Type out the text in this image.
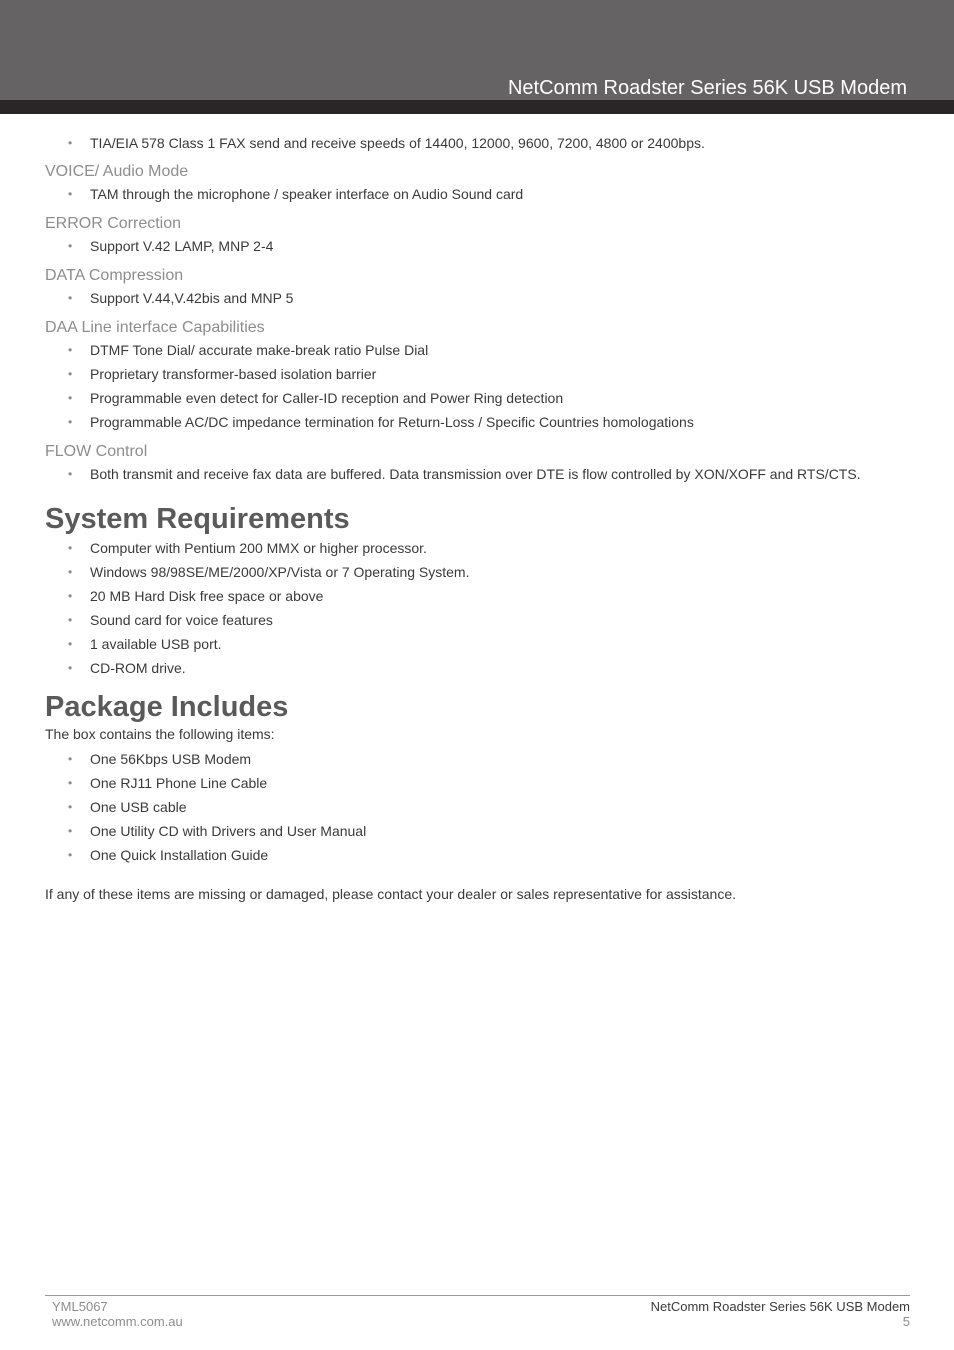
NetComm Roadster Series 56K USB Modem
• TIA/EIA 578 Class 1 FAX send and receive speeds of 14400, 12000, 9600, 7200, 4800 or 2400bps.
VOICE/ Audio Mode
• TAM through the microphone / speaker interface on Audio Sound card
ERROR Correction
• Support V.42 LAMP, MNP 2-4
DATA Compression
• Support V.44,V.42bis and MNP 5
DAA Line interface Capabilities
• DTMF Tone Dial/ accurate make-break ratio Pulse Dial
• Proprietary transformer-based isolation barrier
• Programmable even detect for Caller-ID reception and Power Ring detection
• Programmable AC/DC impedance termination for Return-Loss / Specific Countries homologations
FLOW Control
• Both transmit and receive fax data are buffered. Data transmission over DTE is flow controlled by XON/XOFF and RTS/CTS.
System Requirements
• Computer with Pentium 200 MMX or higher processor.
• Windows 98/98SE/ME/2000/XP/Vista or 7 Operating System.
• 20 MB Hard Disk free space or above
• Sound card for voice features
• 1 available USB port.
• CD-ROM drive.
Package Includes

The box contains the following items:

• One 56Kbps USB Modem
• One RJ11 Phone Line Cable
• One USB cable
• One Utility CD with Drivers and User Manual
• One Quick Installation Guide

If any of these items are missing or damaged, please contact your dealer or sales representative for assistance.

YML5067
www.netcomm.com.au
NetComm Roadster Series 56K USB Modem
5
